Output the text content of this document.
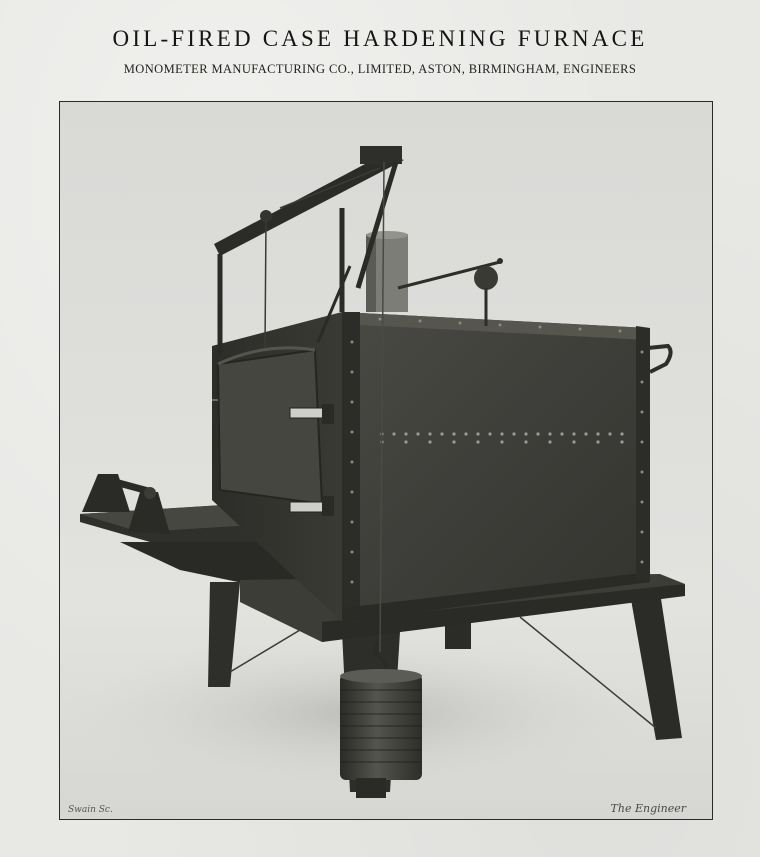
OIL-FIRED CASE HARDENING FURNACE
MONOMETER MANUFACTURING CO., LIMITED, ASTON, BIRMINGHAM, ENGINEERS
Swain Sc.	The Engineer
